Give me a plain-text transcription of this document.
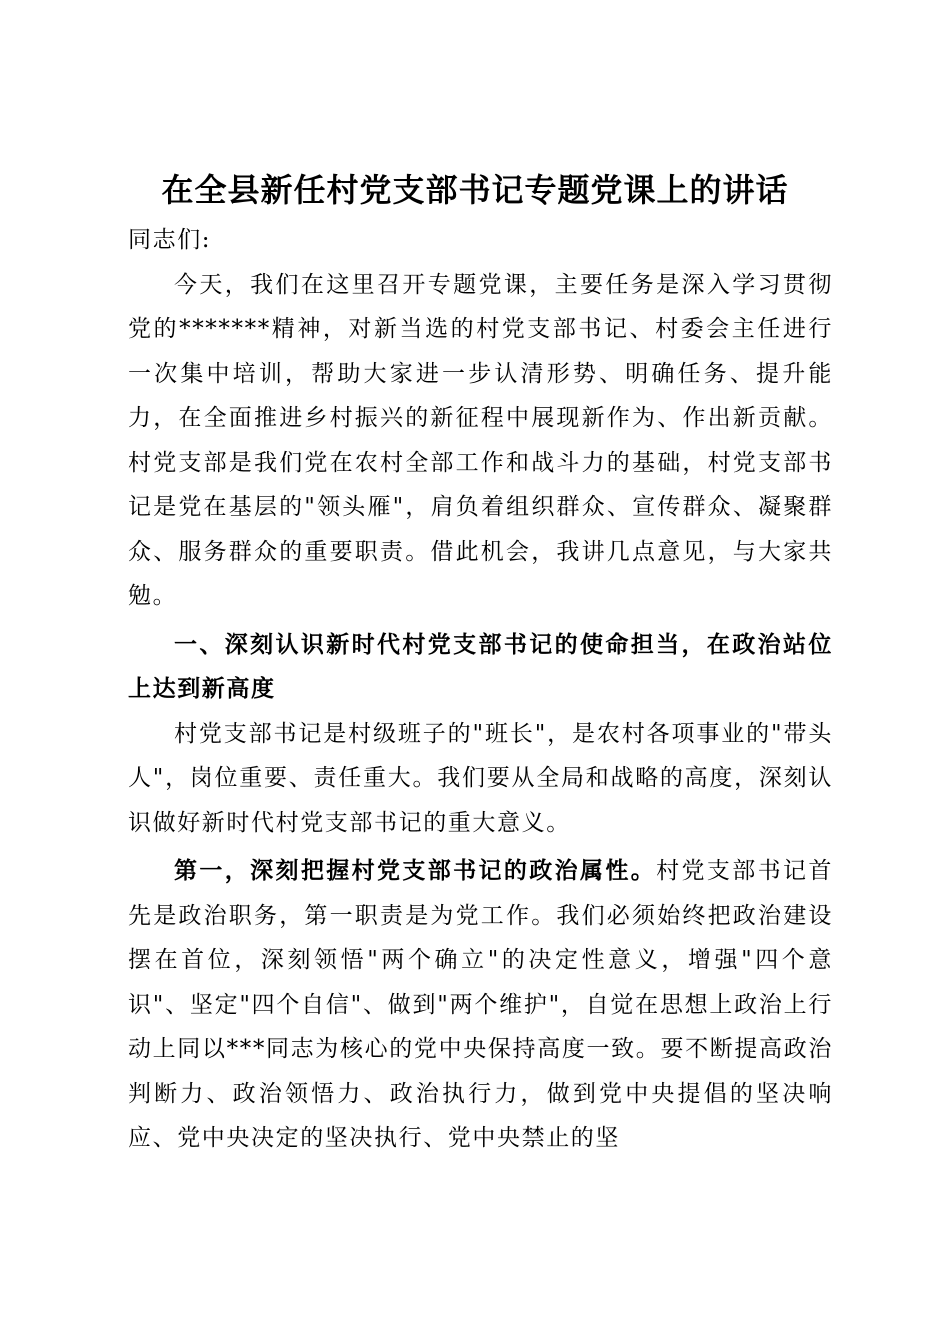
在全县新任村党支部书记专题党课上的讲话

同志们:

今天，我们在这里召开专题党课，主要任务是深入学习贯彻党的*******精神，对新当选的村党支部书记、村委会主任进行一次集中培训，帮助大家进一步认清形势、明确任务、提升能力，在全面推进乡村振兴的新征程中展现新作为、作出新贡献。村党支部是我们党在农村全部工作和战斗力的基础，村党支部书记是党在基层的"领头雁"，肩负着组织群众、宣传群众、凝聚群众、服务群众的重要职责。借此机会，我讲几点意见，与大家共勉。

一、深刻认识新时代村党支部书记的使命担当，在政治站位上达到新高度

村党支部书记是村级班子的"班长"，是农村各项事业的"带头人"，岗位重要、责任重大。我们要从全局和战略的高度，深刻认识做好新时代村党支部书记的重大意义。

第一，深刻把握村党支部书记的政治属性。村党支部书记首先是政治职务，第一职责是为党工作。我们必须始终把政治建设摆在首位，深刻领悟"两个确立"的决定性意义，增强"四个意识"、坚定"四个自信"、做到"两个维护"，自觉在思想上政治上行动上同以***同志为核心的党中央保持高度一致。要不断提高政治判断力、政治领悟力、政治执行力，做到党中央提倡的坚决响应、党中央决定的坚决执行、党中央禁止的坚
